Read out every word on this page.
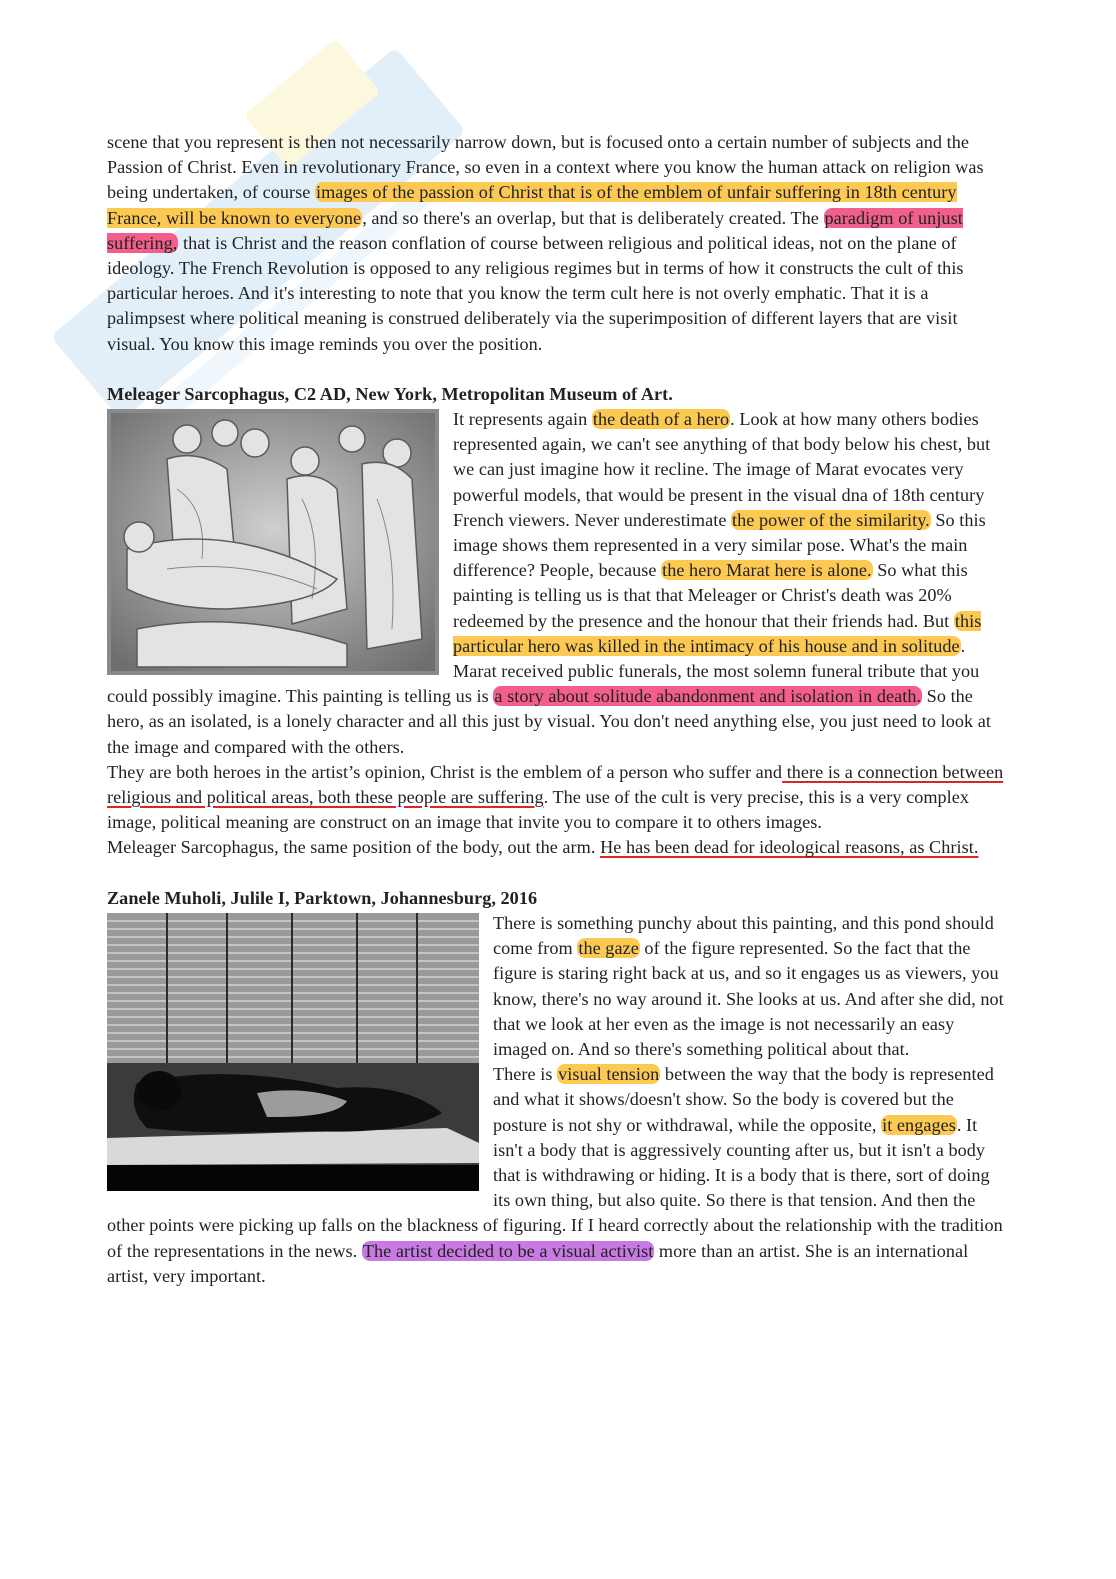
scene that you represent is then not necessarily narrow down, but is focused onto a certain number of subjects and the Passion of Christ. Even in revolutionary France, so even in a context where you know the human attack on religion was being undertaken, of course images of the passion of Christ that is of the emblem of unfair suffering in 18th century France, will be known to everyone, and so there's an overlap, but that is deliberately created. The paradigm of unjust suffering, that is Christ and the reason conflation of course between religious and political ideas, not on the plane of ideology. The French Revolution is opposed to any religious regimes but in terms of how it constructs the cult of this particular heroes. And it's interesting to note that you know the term cult here is not overly emphatic. That it is a palimpsest where political meaning is construed deliberately via the superimposition of different layers that are visit visual. You know this image reminds you over the position.

Meleager Sarcophagus, C2 AD, New York, Metropolitan Museum of Art.

It represents again the death of a hero. Look at how many others bodies represented again, we can't see anything of that body below his chest, but we can just imagine how it recline. The image of Marat evocates very powerful models, that would be present in the visual dna of 18th century French viewers. Never underestimate the power of the similarity. So this image shows them represented in a very similar pose. What's the main difference? People, because the hero Marat here is alone. So what this painting is telling us is that that Meleager or Christ's death was 20% redeemed by the presence and the honour that their friends had. But this particular hero was killed in the intimacy of his house and in solitude. Marat received public funerals, the most solemn funeral tribute that you could possibly imagine. This painting is telling us is a story about solitude abandonment and isolation in death. So the hero, as an isolated, is a lonely character and all this just by visual. You don't need anything else, you just need to look at the image and compared with the others.

They are both heroes in the artist’s opinion, Christ is the emblem of a person who suffer and there is a connection between religious and political areas, both these people are suffering. The use of the cult is very precise, this is a very complex image, political meaning are construct on an image that invite you to compare it to others images.

Meleager Sarcophagus, the same position of the body, out the arm. He has been dead for ideological reasons, as Christ.

Zanele Muholi, Julile I, Parktown, Johannesburg, 2016

There is something punchy about this painting, and this pond should come from the gaze of the figure represented. So the fact that the figure is staring right back at us, and so it engages us as viewers, you know, there's no way around it. She looks at us. And after she did, not that we look at her even as the image is not necessarily an easy imaged on. And so there's something political about that.

There is visual tension between the way that the body is represented and what it shows/doesn't show. So the body is covered but the posture is not shy or withdrawal, while the opposite, it engages. It isn't a body that is aggressively counting after us, but it isn't a body that is withdrawing or hiding. It is a body that is there, sort of doing its own thing, but also quite. So there is that tension. And then the other points were picking up falls on the blackness of figuring. If I heard correctly about the relationship with the tradition of the representations in the news. The artist decided to be a visual activist more than an artist. She is an international artist, very important.
